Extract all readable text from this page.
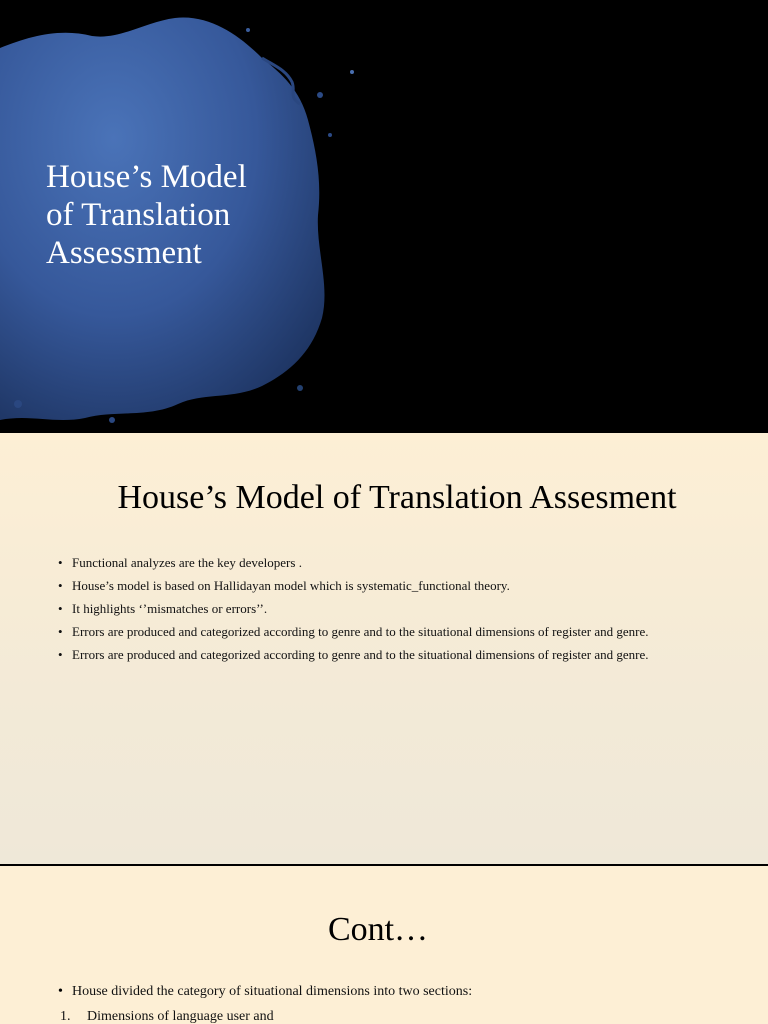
House’s Model
of Translation
Assessment
House’s Model of Translation Assesment
• Functional analyzes are the key developers .
• House’s model is based on Hallidayan model which is systematic_functional theory.
• It highlights ‘’mismatches or errors’’.
• Errors are produced and categorized according to genre and to the situational dimensions of register and genre.
• Errors are produced and categorized according to genre and to the situational dimensions of register and genre.
Cont…
• House divided the category of situational dimensions into two sections:
1. Dimensions of language user and
